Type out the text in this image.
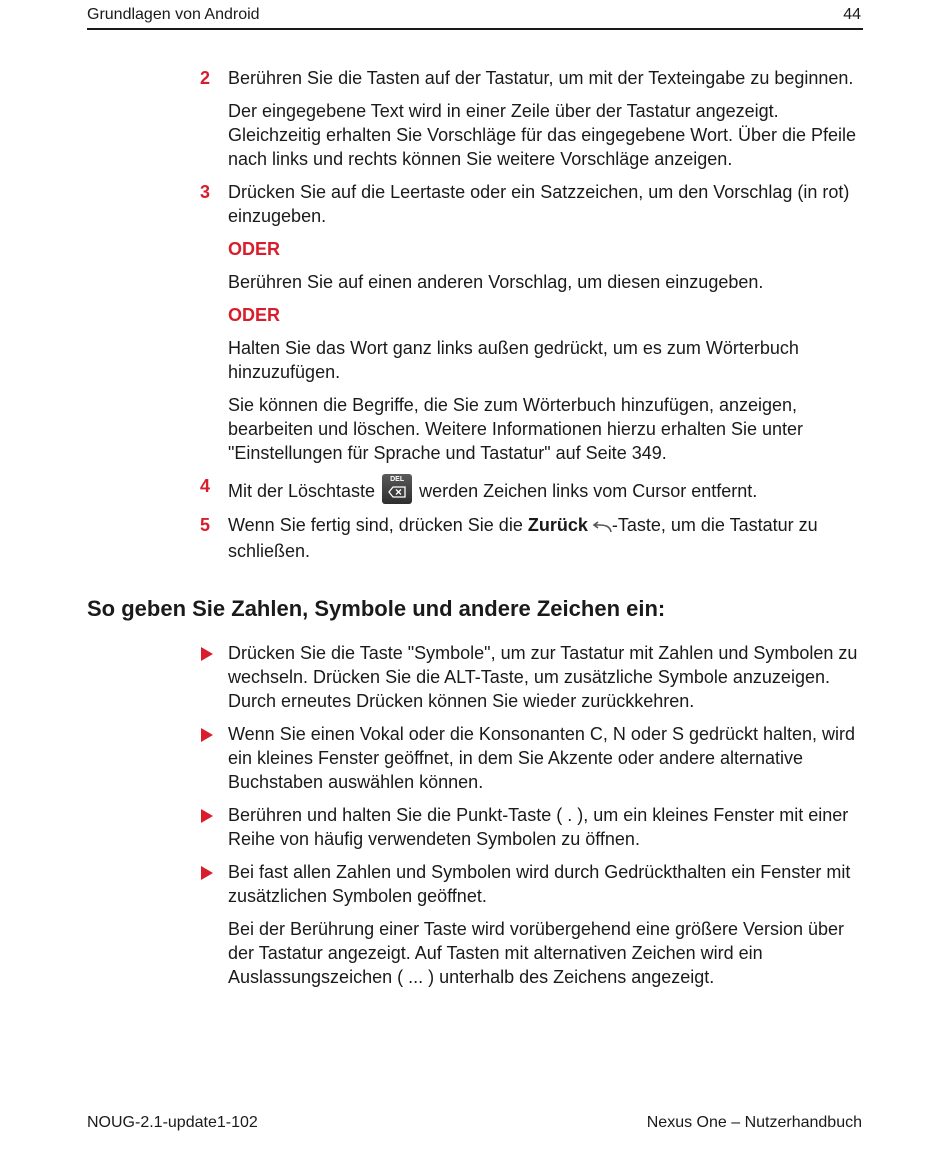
Grundlagen von Android	44
2 Berühren Sie die Tasten auf der Tastatur, um mit der Texteingabe zu beginnen.

Der eingegebene Text wird in einer Zeile über der Tastatur angezeigt. Gleichzeitig erhalten Sie Vorschläge für das eingegebene Wort. Über die Pfeile nach links und rechts können Sie weitere Vorschläge anzeigen.

3 Drücken Sie auf die Leertaste oder ein Satzzeichen, um den Vorschlag (in rot) einzugeben.

ODER

Berühren Sie auf einen anderen Vorschlag, um diesen einzugeben.

ODER

Halten Sie das Wort ganz links außen gedrückt, um es zum Wörterbuch hinzuzufügen.

Sie können die Begriffe, die Sie zum Wörterbuch hinzufügen, anzeigen, bearbeiten und löschen. Weitere Informationen hierzu erhalten Sie unter "Einstellungen für Sprache und Tastatur" auf Seite 349.

4 Mit der Löschtaste
DEL
werden Zeichen links vom Cursor entfernt.

5 Wenn Sie fertig sind, drücken Sie die Zurück -Taste, um die Tastatur zu schließen.

So geben Sie Zahlen, Symbole und andere Zeichen ein:

Drücken Sie die Taste "Symbole", um zur Tastatur mit Zahlen und Symbolen zu wechseln. Drücken Sie die ALT-Taste, um zusätzliche Symbole anzuzeigen. Durch erneutes Drücken können Sie wieder zurückkehren.

Wenn Sie einen Vokal oder die Konsonanten C, N oder S gedrückt halten, wird ein kleines Fenster geöffnet, in dem Sie Akzente oder andere alternative Buchstaben auswählen können.

Berühren und halten Sie die Punkt-Taste ( . ), um ein kleines Fenster mit einer Reihe von häufig verwendeten Symbolen zu öffnen.

Bei fast allen Zahlen und Symbolen wird durch Gedrückthalten ein Fenster mit zusätzlichen Symbolen geöffnet.

Bei der Berührung einer Taste wird vorübergehend eine größere Version über der Tastatur angezeigt. Auf Tasten mit alternativen Zeichen wird ein Auslassungszeichen ( ... ) unterhalb des Zeichens angezeigt.

NOUG-2.1-update1-102	Nexus One – Nutzerhandbuch
